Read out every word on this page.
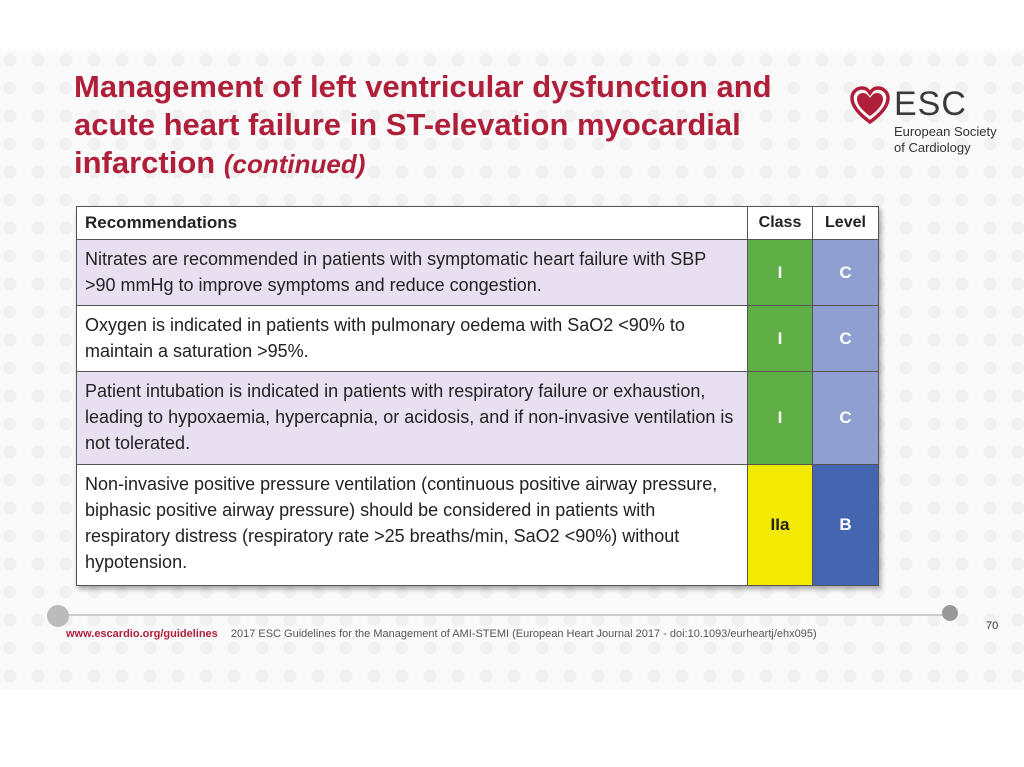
Management of left ventricular dysfunction and acute heart failure in ST-elevation myocardial infarction (continued)
ESC
European Society
of Cardiology
Recommendations	Class	Level
Nitrates are recommended in patients with symptomatic heart failure with SBP >90 mmHg to improve symptoms and reduce congestion.	I	C
Oxygen is indicated in patients with pulmonary oedema with SaO2 <90% to maintain a saturation >95%.	I	C
Patient intubation is indicated in patients with respiratory failure or exhaustion, leading to hypoxaemia, hypercapnia, or acidosis, and if non-invasive ventilation is not tolerated.	I	C
Non-invasive positive pressure ventilation (continuous positive airway pressure, biphasic positive airway pressure) should be considered in patients with respiratory distress (respiratory rate >25 breaths/min, SaO2 <90%) without hypotension.	IIa	B
www.escardio.org/guidelines 2017 ESC Guidelines for the Management of AMI-STEMI (European Heart Journal 2017 - doi:10.1093/eurheartj/ehx095)
70
